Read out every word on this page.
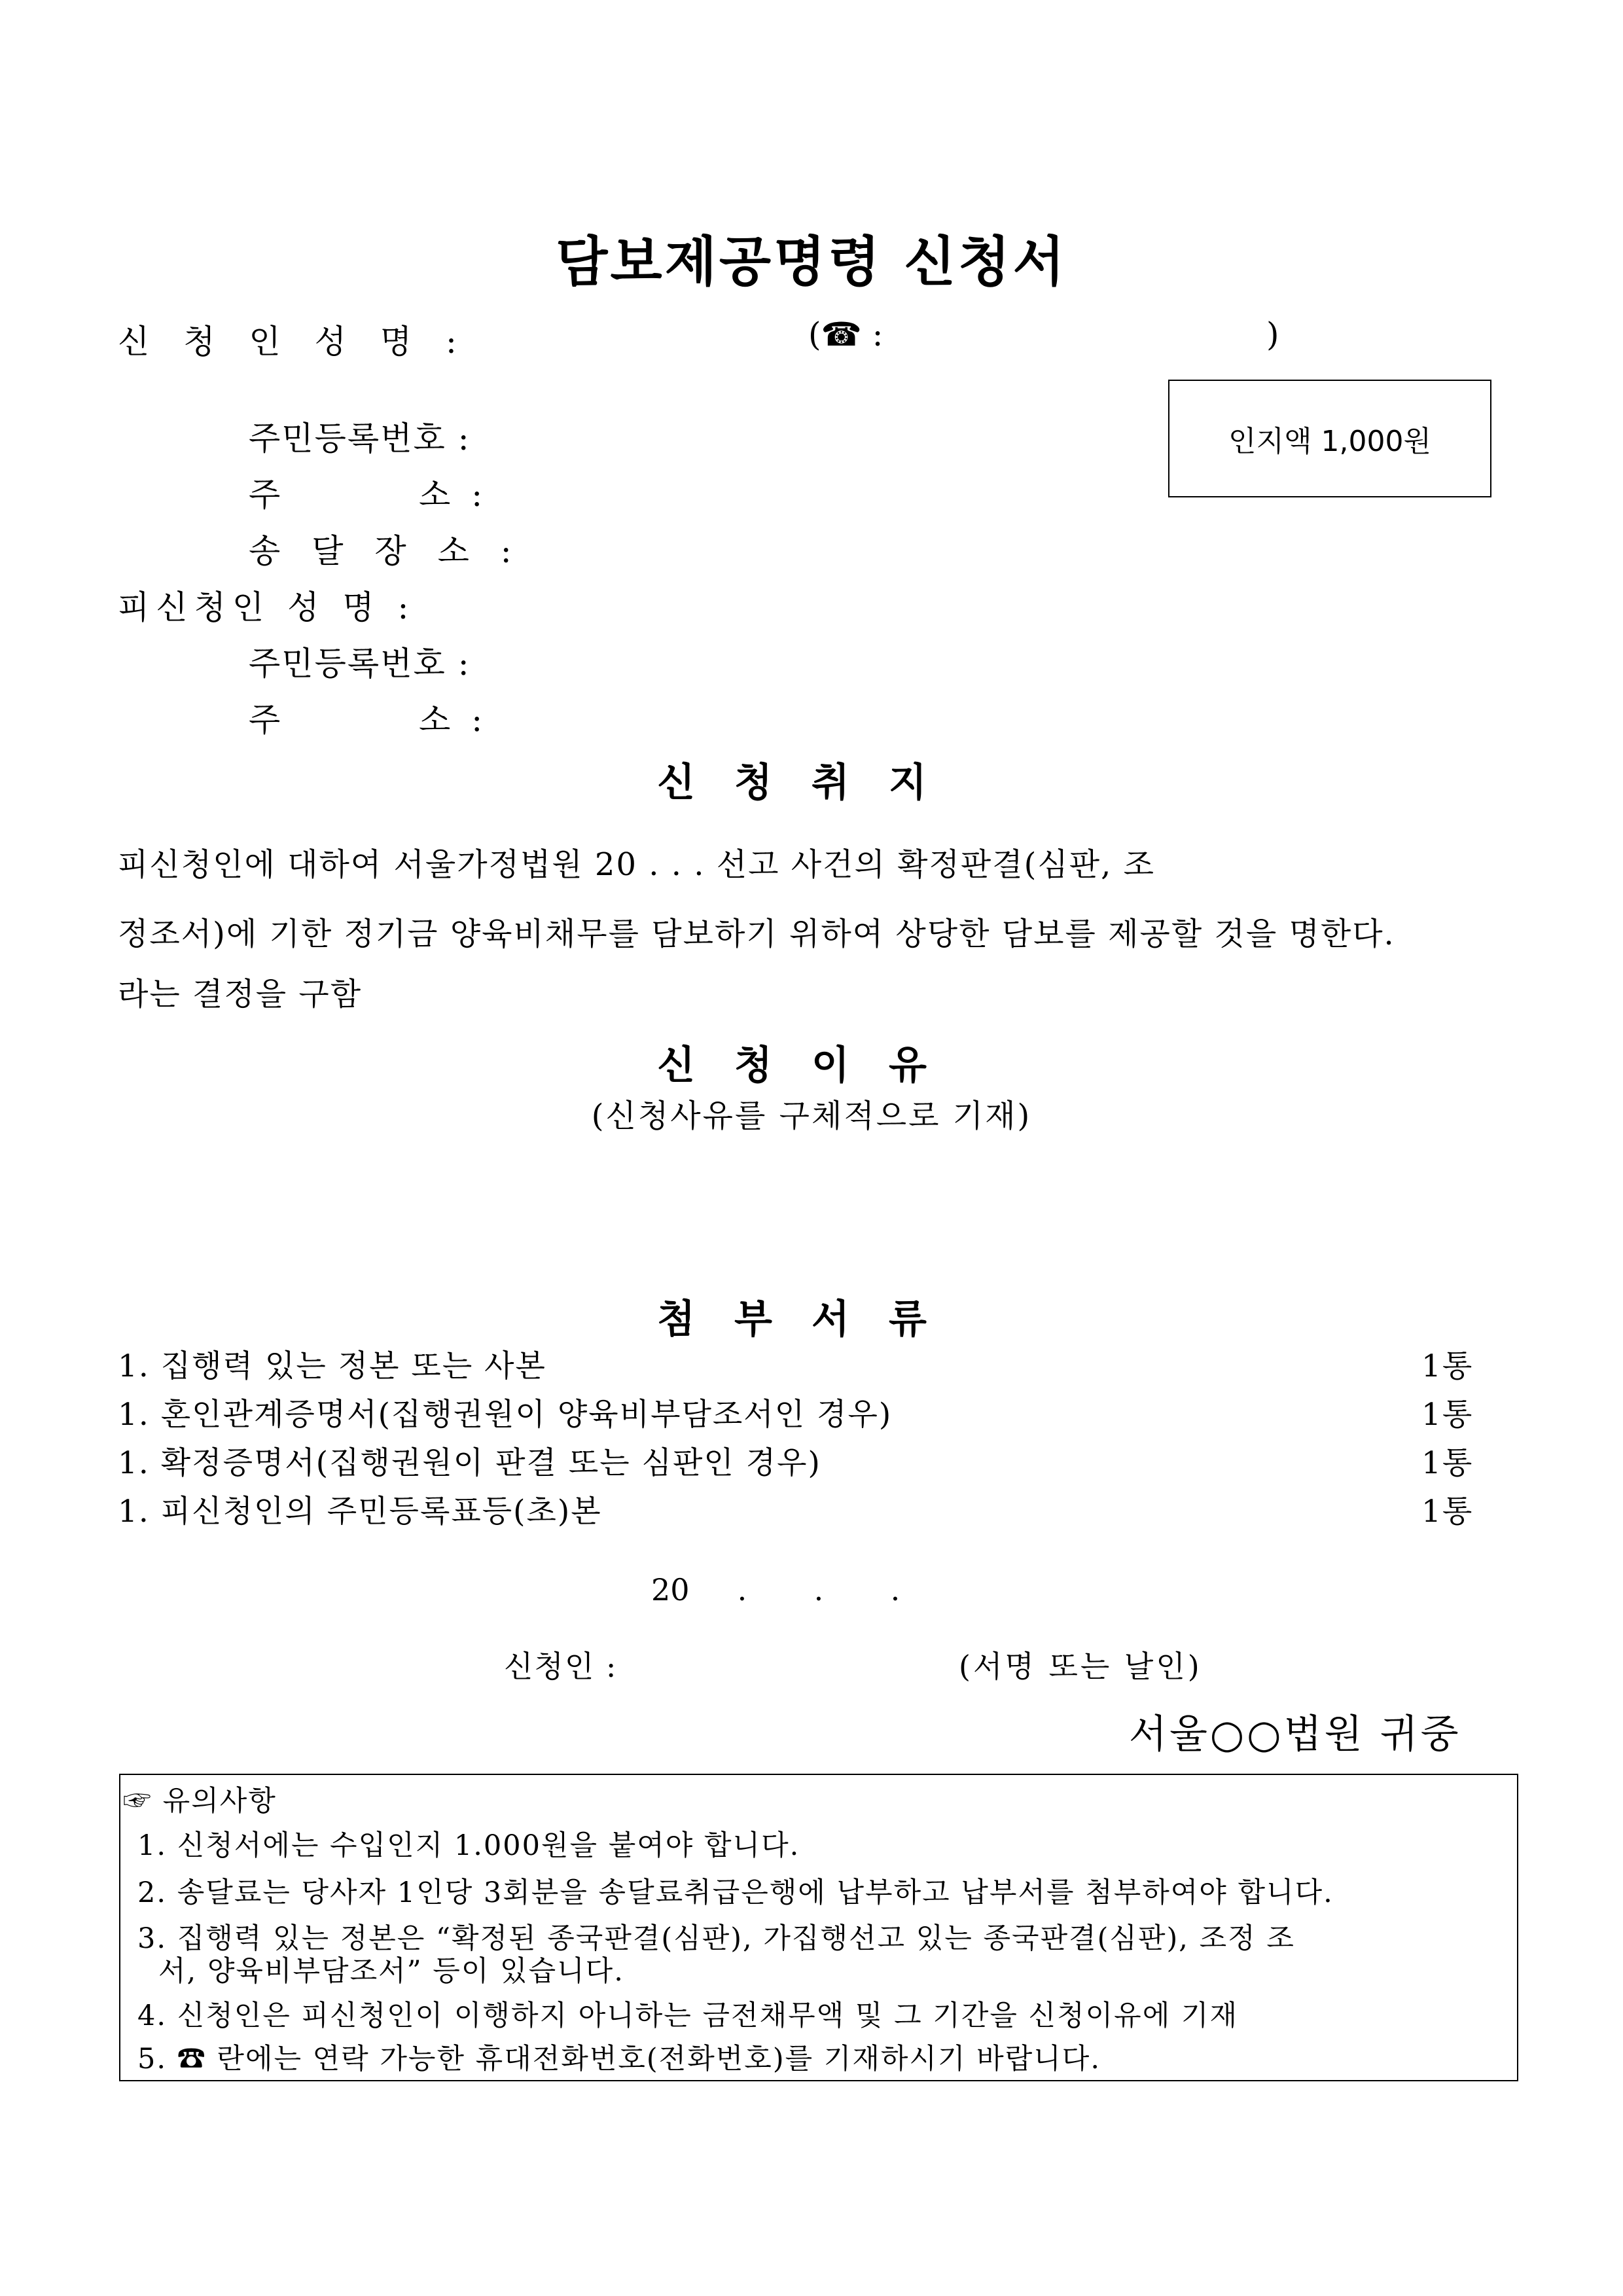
담보제공명령 신청서
신 청 인 성 명 :	(☎ :	)
인지액 1,000원
주민등록번호 :
주	소 :
송 달 장 소 :
피신청인 성 명 :
주민등록번호 :
주	소 :
신청취지
피신청인에 대하여 서울가정법원 20 . . . 선고 사건의 확정판결(심판, 조
정조서)에 기한 정기금 양육비채무를 담보하기 위하여 상당한 담보를 제공할 것을 명한다.
라는 결정을 구함
신청이유
(신청사유를 구체적으로 기재)
첨부서류
1. 집행력 있는 정본 또는 사본	1통
1. 혼인관계증명서(집행권원이 양육비부담조서인 경우)	1통
1. 확정증명서(집행권원이 판결 또는 심판인 경우)	1통
1. 피신청인의 주민등록표등(초)본	1통
20     .       .       .
신청인 :	(서명 또는 날인)
서울○○법원 귀중
☞ 유의사항
1. 신청서에는 수입인지 1.000원을 붙여야 합니다.
2. 송달료는 당사자 1인당 3회분을 송달료취급은행에 납부하고 납부서를 첨부하여야 합니다.
3. 집행력 있는 정본은 “확정된 종국판결(심판), 가집행선고 있는 종국판결(심판), 조정 조
서, 양육비부담조서” 등이 있습니다.
4. 신청인은 피신청인이 이행하지 아니하는 금전채무액 및 그 기간을 신청이유에 기재
5. ☎ 란에는 연락 가능한 휴대전화번호(전화번호)를 기재하시기 바랍니다.
